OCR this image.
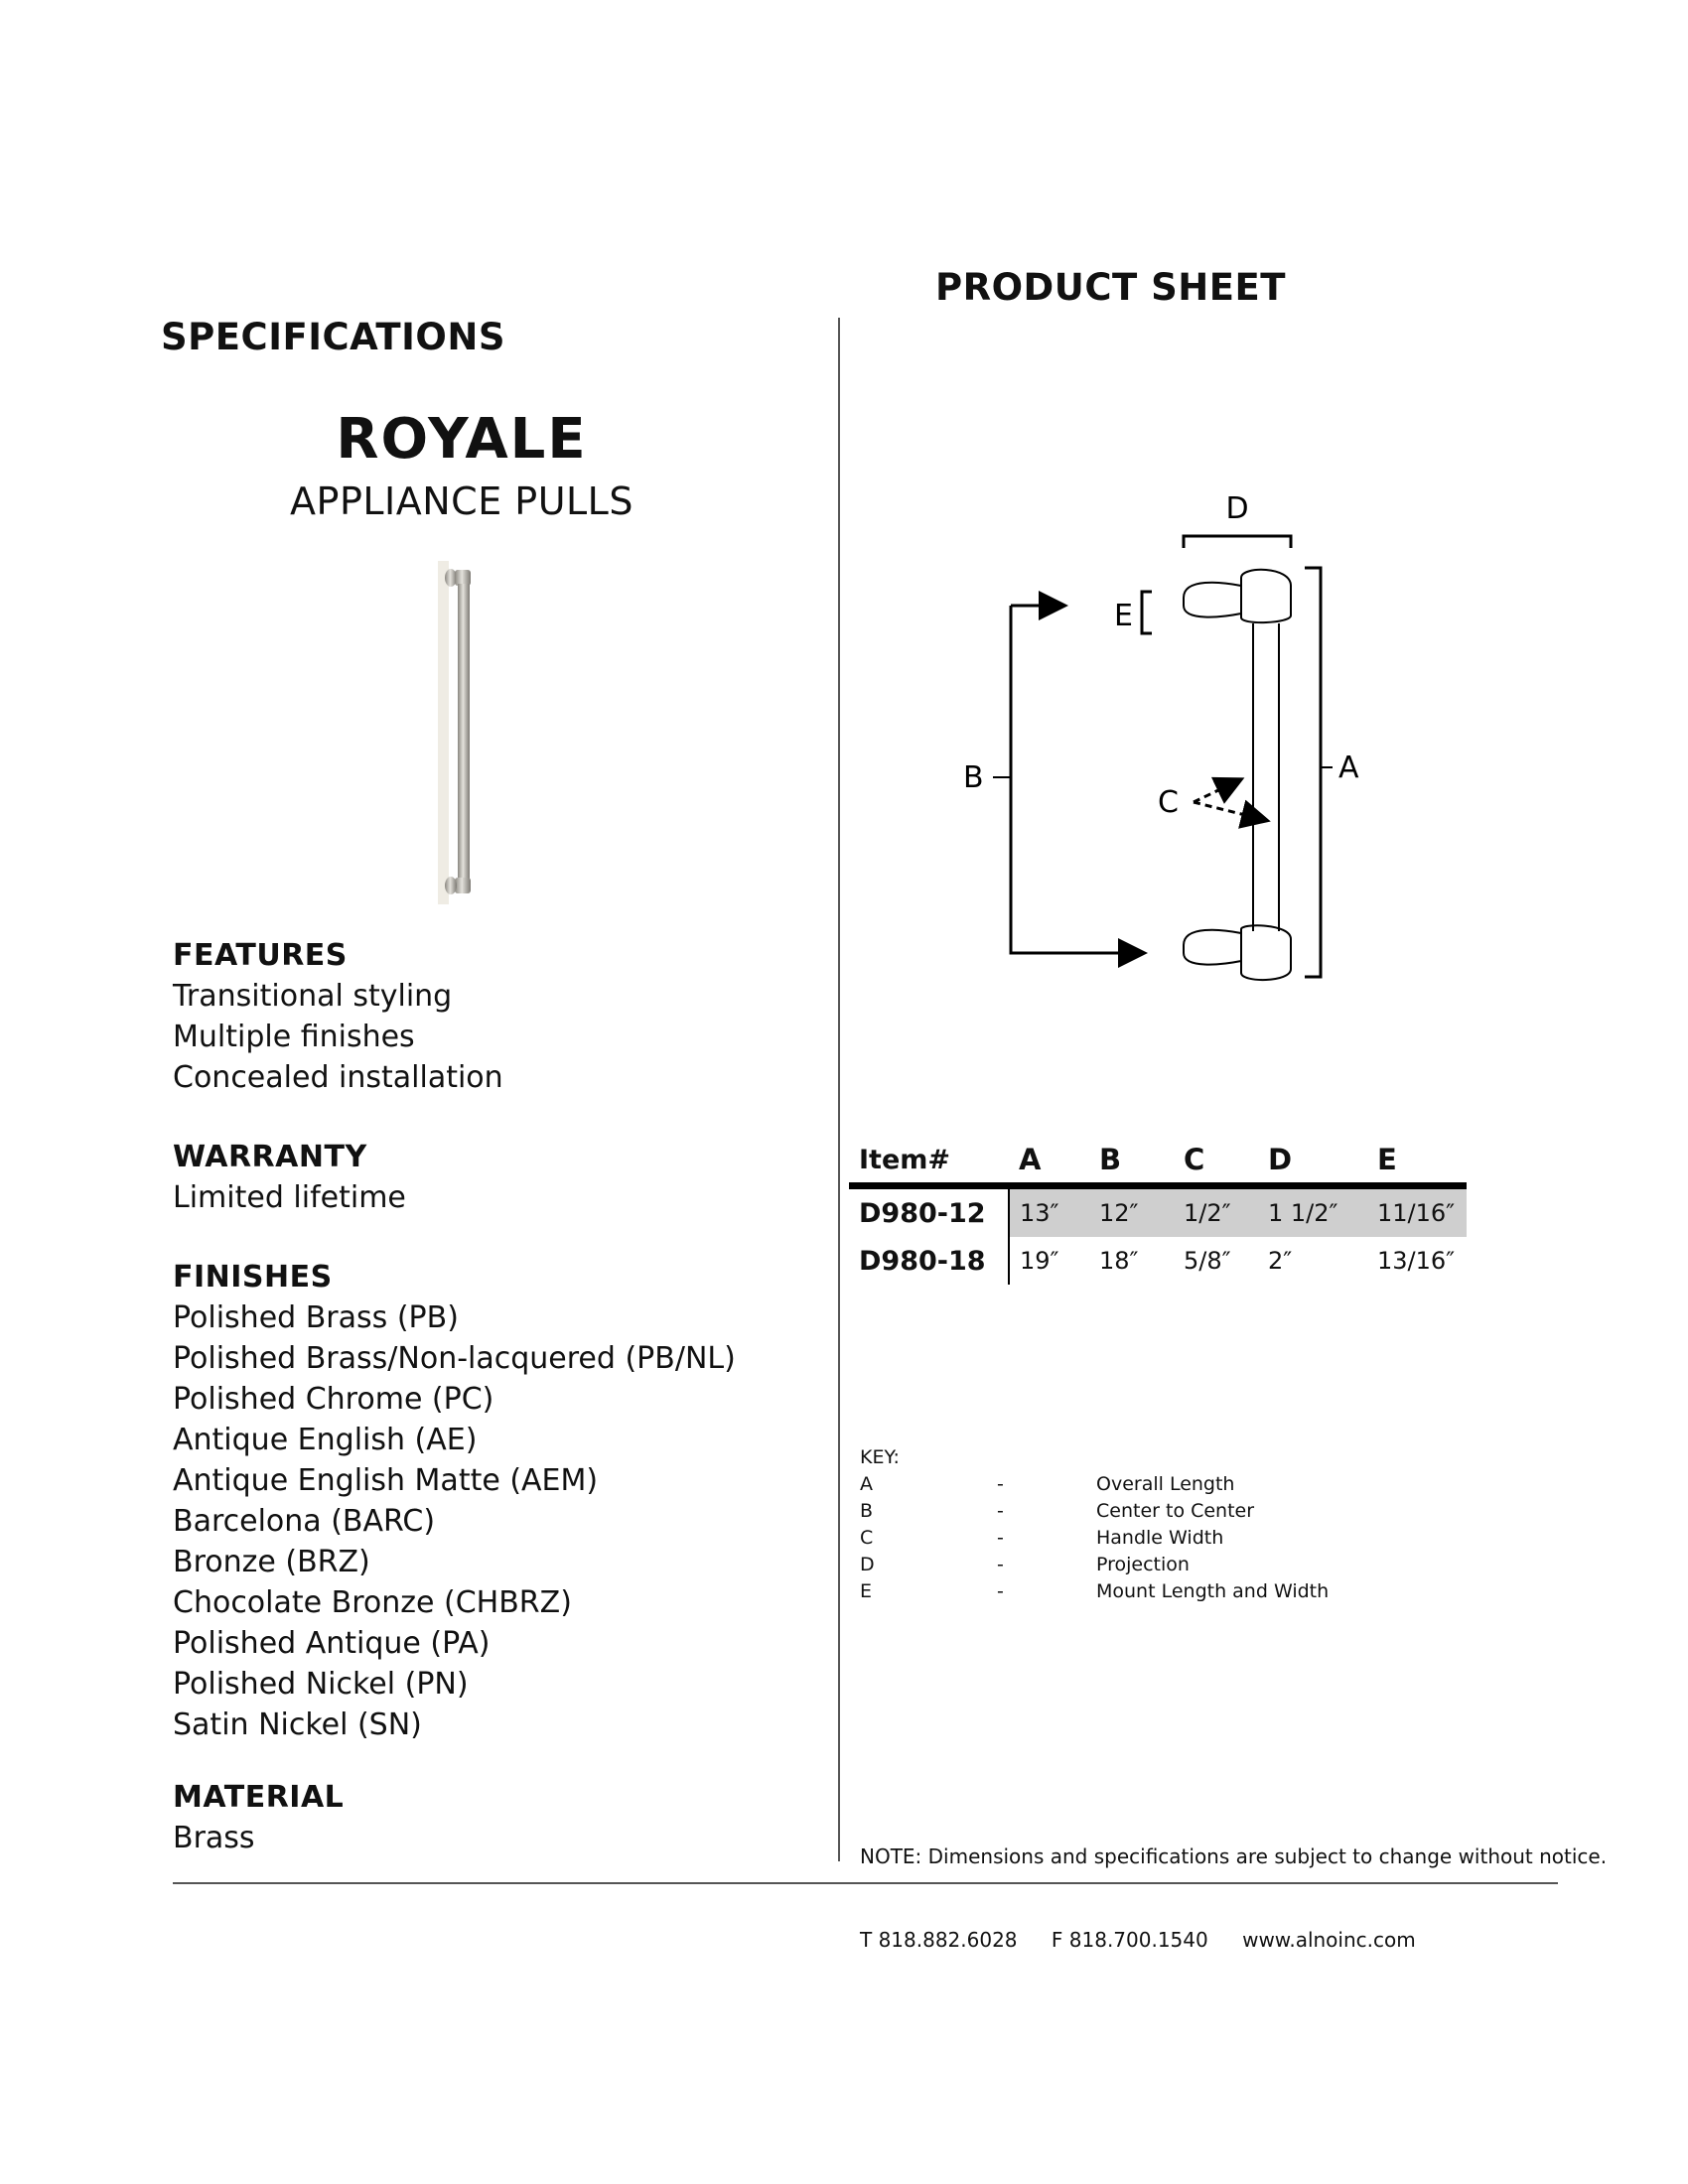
PRODUCT SHEET
SPECIFICATIONS
ROYALE
APPLIANCE PULLS
FEATURES
Transitional styling
Multiple finishes
Concealed installation
WARRANTY
Limited lifetime
FINISHES
Polished Brass (PB)
Polished Brass/Non-lacquered (PB/NL)
Polished Chrome (PC)
Antique English (AE)
Antique English Matte (AEM)
Barcelona (BARC)
Bronze (BRZ)
Chocolate Bronze (CHBRZ)
Polished Antique (PA)
Polished Nickel (PN)
Satin Nickel (SN)
MATERIAL
Brass
D
E
A
B
C
Item#	A	B	C	D	E
D980-12	13″	12″	1/2″	1 1/2″	11/16″
D980-18	19″	18″	5/8″	2″	13/16″
KEY:
A	-	Overall Length
B	-	Center to Center
C	-	Handle Width
D	-	Projection
E	-	Mount Length and Width
NOTE: Dimensions and specifications are subject to change without notice.
T 818.882.6028 F 818.700.1540 www.alnoinc.com
